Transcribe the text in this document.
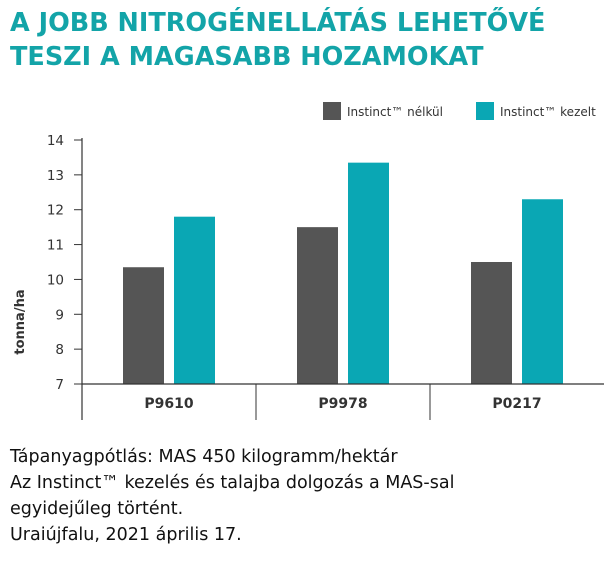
A JOBB NITROGÉNELLÁTÁS LEHETŐVÉ
TESZI A MAGASABB HOZAMOKAT
Instinct™ nélkül	Instinct™ kezelt
tonna/ha
7
8
9
10
11
12
13
14
P9610	P9978	P0217
Tápanyagpótlás: MAS 450 kilogramm/hektár
Az Instinct™ kezelés és talajba dolgozás a MAS-sal
egyidejűleg történt.
Uraiújfalu, 2021 április 17.
